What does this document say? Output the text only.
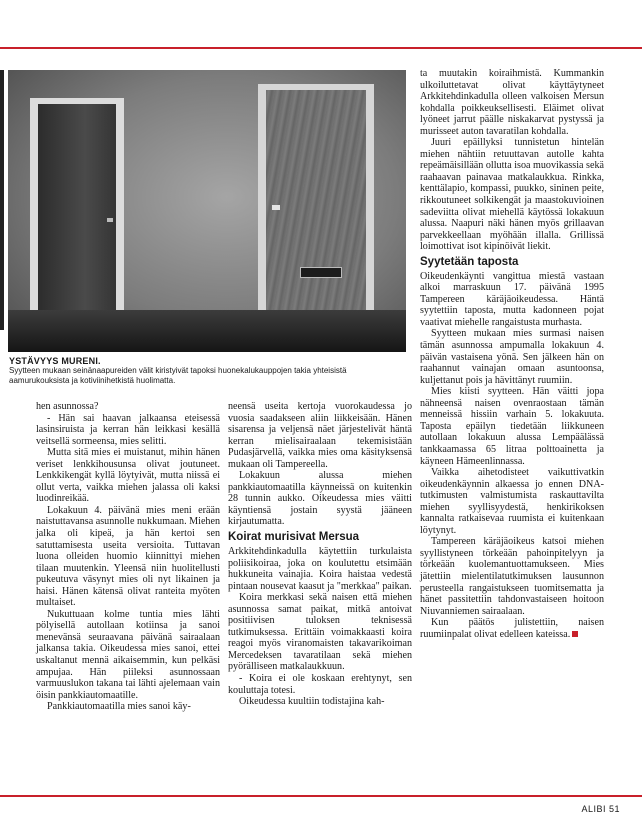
YSTÄVYYS MURENI.
Syytteen mukaan seinänaapureiden välit kiristyivät tapoksi huonekalukauppojen takia yhteisistä aamurukouksista ja kotiviinihetkistä huolimatta.

hen asunnossa?

- Hän sai haavan jalkaansa eteisessä lasinsiruista ja kerran hän leikkasi kesällä veitsellä sormeensa, mies selitti.

Mutta sitä mies ei muistanut, mihin hänen veriset lenkkihousunsa olivat joutuneet. Lenkkikengät kyllä löytyivät, mutta niissä ei ollut verta, vaikka miehen jalassa oli kaksi luodinreikää.

Lokakuun 4. päivänä mies meni erään naistuttavansa asunnolle nukkumaan. Miehen jalka oli kipeä, ja hän kertoi sen satuttamisesta useita versioita. Tuttavan luona olleiden huomio kiinnittyi miehen tilaan muutenkin. Yleensä niin huolitellusti pukeutuva väsynyt mies oli nyt likainen ja haisi. Hänen kätensä olivat ranteita myöten multaiset.

Nukuttuaan kolme tuntia mies lähti pölyisellä autollaan kotiinsa ja sanoi menevänsä seuraavana päivänä sairaalaan jalkansa takia. Oikeudessa mies sanoi, ettei uskaltanut mennä aikaisemmin, kun pelkäsi ampujaa. Hän piileksi asunnossaan varmuuslukon takana tai lähti ajelemaan vain öisin pankkiautomaatille.

Pankkiautomaatilla mies sanoi käy-

neensä useita kertoja vuorokaudessa jo vuosia saadakseen aliin liikkeisään. Hänen sisarensa ja veljensä näet järjestelivät häntä kerran mielisairaalaan tekemisistään Pudasjärvellä, vaikka mies oma käsityksensä mukaan oli Tampereella.

Lokakuun alussa miehen pankkiautomaatilla käynneissä on kuitenkin 28 tunnin aukko. Oikeudessa mies väitti käyntiensä jostain syystä jääneen kirjautumatta.

Koirat murisivat Mersua

Arkkitehdinkadulla käytettiin turkulaista poliisikoiraa, joka on koulutettu etsimään hukkuneita vainajia. Koira haistaa vedestä pintaan nousevat kaasut ja "merkkaa" paikan.

Koira merkkasi sekä naisen että miehen asunnossa samat paikat, mitkä antoivat positiivisen tuloksen teknisessä tutkimuksessa. Erittäin voimakkaasti koira reagoi myös viranomaisten takavarikoiman Mercedeksen tavaratilaan sekä miehen pyörälliseen matkalaukkuun.

- Koira ei ole koskaan erehtynyt, sen kouluttaja totesi.

Oikeudessa kuultiin todistajina kah-

ta muutakin koiraihmistä. Kummankin ulkoiluttetavat olivat käyttäytyneet Arkkitehdinkadulla olleen valkoisen Mersun kohdalla poikkeuksellisesti. Eläimet olivat lyöneet jarrut päälle niskakarvat pystyssä ja murisseet auton tavaratilan kohdalla.

Juuri epäillyksi tunnistetun hintelän miehen nähtiin retuuttavan autolle kahta repeämäisillään ollutta isoa muovikassia sekä raahaavan painavaa matkalaukkua. Rinkka, kenttälapio, kompassi, puukko, sininen peite, rikkoutuneet solkikengät ja maastokuvioinen sadeviitta olivat miehellä käytössä lokakuun alussa. Naapuri näki hänen myös grillaavan parvekkeellaan myöhään illalla. Grillissä loimottivat isot kipinöivät liekit.

Syytetään taposta

Oikeudenkäynti vangittua miestä vastaan alkoi marraskuun 17. päivänä 1995 Tampereen käräjäoikeudessa. Häntä syytettiin taposta, mutta kadonneen pojat vaativat miehelle rangaistusta murhasta.

Syytteen mukaan mies surmasi naisen tämän asunnossa ampumalla lokakuun 4. päivän vastaisena yönä. Sen jälkeen hän on raahannut vainajan omaan asuntoonsa, kuljettanut pois ja hävittänyt ruumiin.

Mies kiisti syytteen. Hän väitti jopa nähneensä naisen ovenraostaan tämän menneissä hissiin varhain 5. lokakuuta. Taposta epäilyn tiedetään liikkuneen autollaan lokakuun alussa Lempäälässä tankkaamassa 65 litraa polttoainetta ja käyneen Hämeenlinnassa.

Vaikka aihetodisteet vaikuttivatkin oikeudenkäynnin alkaessa jo ennen DNA-tutkimusten valmistumista raskauttavilta miehen syyllisyydestä, henkirikoksen kannalta ratkaisevaa ruumista ei kuitenkaan löytynyt.

Tampereen käräjäoikeus katsoi miehen syyllistyneen törkeään pahoinpitelyyn ja törkeään kuolemantuottamukseen. Mies jätettiin mielentilatutkimuksen lausunnon perusteella rangaistukseen tuomitsematta ja hänet passitettiin tahdonvastaiseen hoitoon Niuvanniemen sairaalaan.

Kun päätös julistettiin, naisen ruumiinpalat olivat edelleen kateissa.

ALIBI 51
